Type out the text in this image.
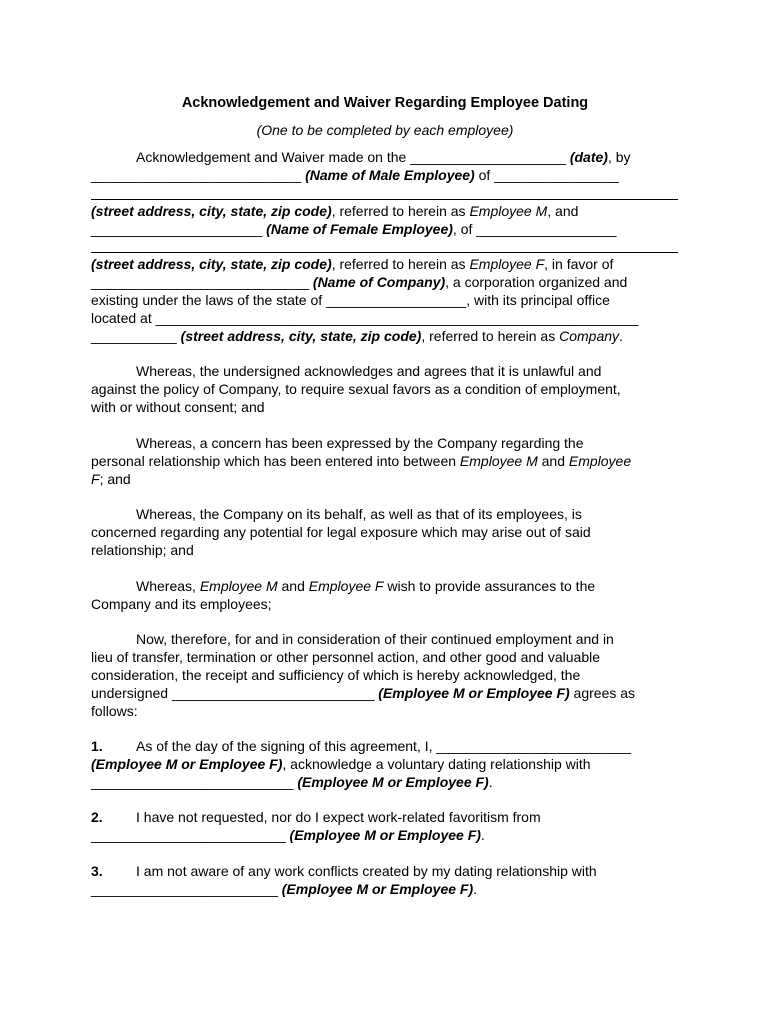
Acknowledgement and Waiver Regarding Employee Dating
(One to be completed by each employee)
Acknowledgement and Waiver made on the ____________________ (date), by
___________________________ (Name of Male Employee) of ________________
(street address, city, state, zip code), referred to herein as Employee M, and
______________________ (Name of Female Employee), of __________________
(street address, city, state, zip code), referred to herein as Employee F, in favor of
____________________________ (Name of Company), a corporation organized and
existing under the laws of the state of __________________, with its principal office
located at ______________________________________________________________
___________ (street address, city, state, zip code), referred to herein as Company.
Whereas, the undersigned acknowledges and agrees that it is unlawful and
against the policy of Company, to require sexual favors as a condition of employment,
with or without consent; and
Whereas, a concern has been expressed by the Company regarding the
personal relationship which has been entered into between Employee M and Employee
F; and
Whereas, the Company on its behalf, as well as that of its employees, is
concerned regarding any potential for legal exposure which may arise out of said
relationship; and
Whereas, Employee M and Employee F wish to provide assurances to the
Company and its employees;
Now, therefore, for and in consideration of their continued employment and in
lieu of transfer, termination or other personnel action, and other good and valuable
consideration, the receipt and sufficiency of which is hereby acknowledged, the
undersigned __________________________ (Employee M or Employee F) agrees as
follows:
1. As of the day of the signing of this agreement, I, _________________________
(Employee M or Employee F), acknowledge a voluntary dating relationship with
__________________________ (Employee M or Employee F).
2. I have not requested, nor do I expect work-related favoritism from
_________________________ (Employee M or Employee F).
3. I am not aware of any work conflicts created by my dating relationship with
________________________ (Employee M or Employee F).
